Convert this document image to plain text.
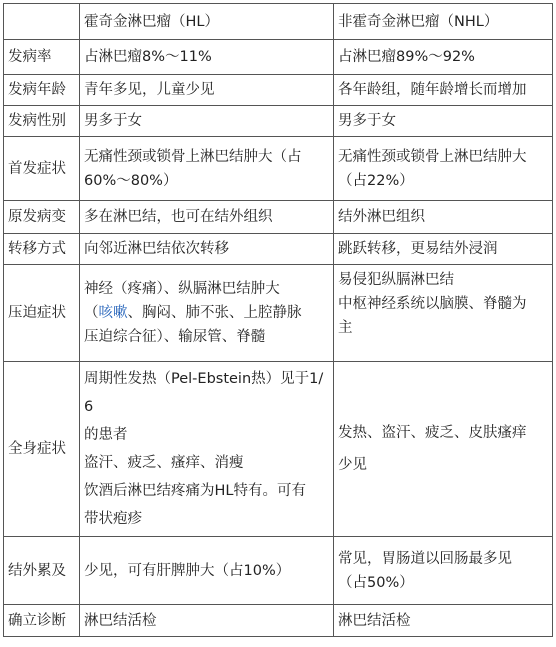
	霍奇金淋巴瘤（HL）	非霍奇金淋巴瘤（NHL）
发病率	占淋巴瘤8%～11%	占淋巴瘤89%～92%

发病年龄	青年多见，儿童少见	各年龄组，随年龄增长而增加

发病性别	男多于女	男多于女

首发症状	无痛性颈或锁骨上淋巴结肿大（占
60%～80%）	无痛性颈或锁骨上淋巴结肿大
（占22%）

原发病变	多在淋巴结，也可在结外组织	结外淋巴组织

转移方式	向邻近淋巴结依次转移	跳跃转移，更易结外浸润

压迫症状	神经（疼痛）、纵膈淋巴结肿大
（咳嗽、胸闷、肺不张、上腔静脉
压迫综合征）、输尿管、脊髓	易侵犯纵膈淋巴结
中枢神经系统以脑膜、脊髓为
主

全身症状	周期性发热（Pel-Ebstein热）见于1/6
的患者
盗汗、疲乏、瘙痒、消瘦
饮酒后淋巴结疼痛为HL特有。可有
带状疱疹	发热、盗汗、疲乏、皮肤瘙痒
少见

结外累及	少见，可有肝脾肿大（占10%）	常见，胃肠道以回肠最多见
（占50%）

确立诊断	淋巴结活检	淋巴结活检
